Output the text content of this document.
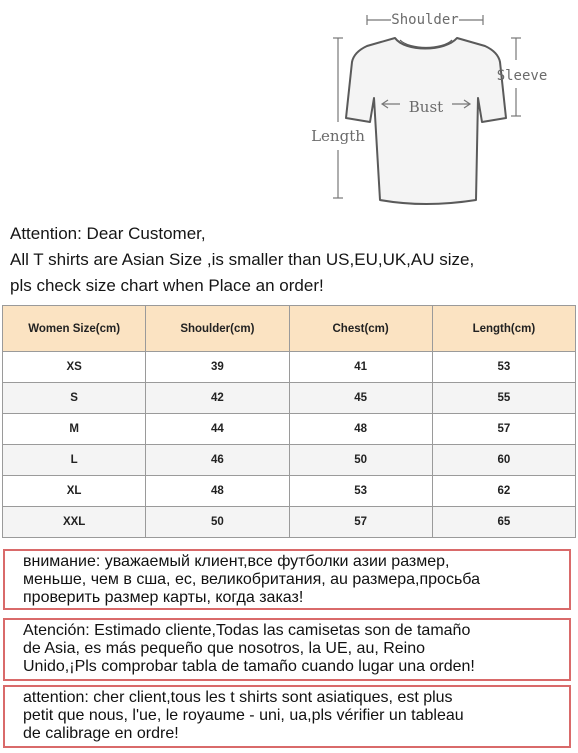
Shoulder
Bust
Length
Sleeve
Attention: Dear Customer,
All T shirts are Asian Size ,is smaller than US,EU,UK,AU size,
pls check size chart when Place an order!
Women Size(cm)	Shoulder(cm)	Chest(cm)	Length(cm)
XS	39	41	53
S	42	45	55
M	44	48	57
L	46	50	60
XL	48	53	62
XXL	50	57	65
внимание: уважаемый клиент,все футболки азии размер,
меньше, чем в сша, ес, великобритания, au размера,просьба
проверить размер карты, когда заказ!
Atención: Estimado cliente,Todas las camisetas son de tamaño
de Asia, es más pequeño que nosotros, la UE, au, Reino
Unido,¡Pls comprobar tabla de tamaño cuando lugar una orden!
attention: cher client,tous les t shirts sont asiatiques, est plus
petit que nous, l'ue, le royaume - uni, ua,pls vérifier un tableau
de calibrage en ordre!
